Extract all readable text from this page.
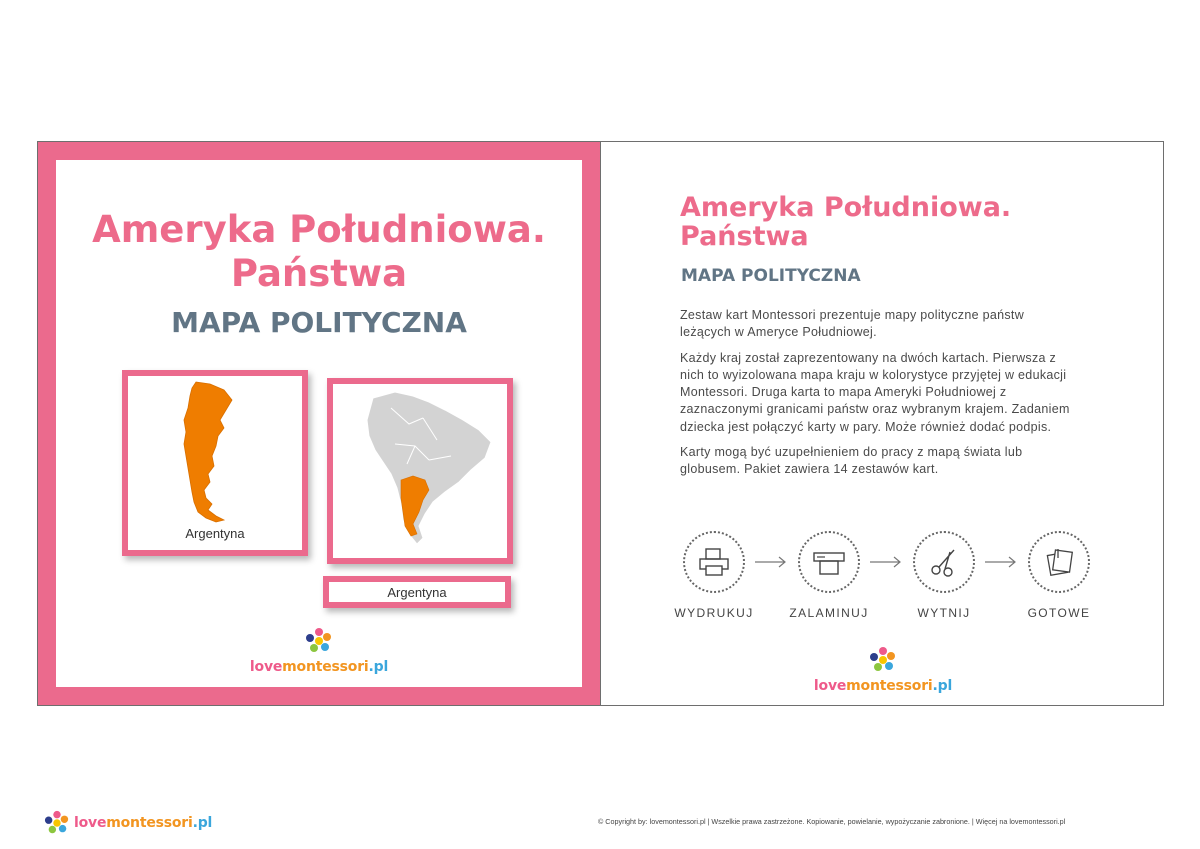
Ameryka Południowa.
Państwa
MAPA POLITYCZNA
Argentyna
Argentyna
lovemontessori.pl
Ameryka Południowa.
Państwa
MAPA POLITYCZNA

Zestaw kart Montessori prezentuje mapy polityczne państw leżących w Ameryce Południowej.

Każdy kraj został zaprezentowany na dwóch kartach. Pierwsza z nich to wyizolowana mapa kraju w kolorystyce przyjętej w edukacji Montessori. Druga karta to mapa Ameryki Południowej z zaznaczonymi granicami państw oraz wybranym krajem. Zadaniem dziecka jest połączyć karty w pary. Może również dodać podpis.

Karty mogą być uzupełnieniem do pracy z mapą świata lub globusem. Pakiet zawiera 14 zestawów kart.

WYDRUKUJ	ZALAMINUJ	WYTNIJ	GOTOWE
lovemontessori.pl
lovemontessori.pl	© Copyright by: lovemontessori.pl | Wszelkie prawa zastrzeżone. Kopiowanie, powielanie, wypożyczanie zabronione. | Więcej na lovemontessori.pl
